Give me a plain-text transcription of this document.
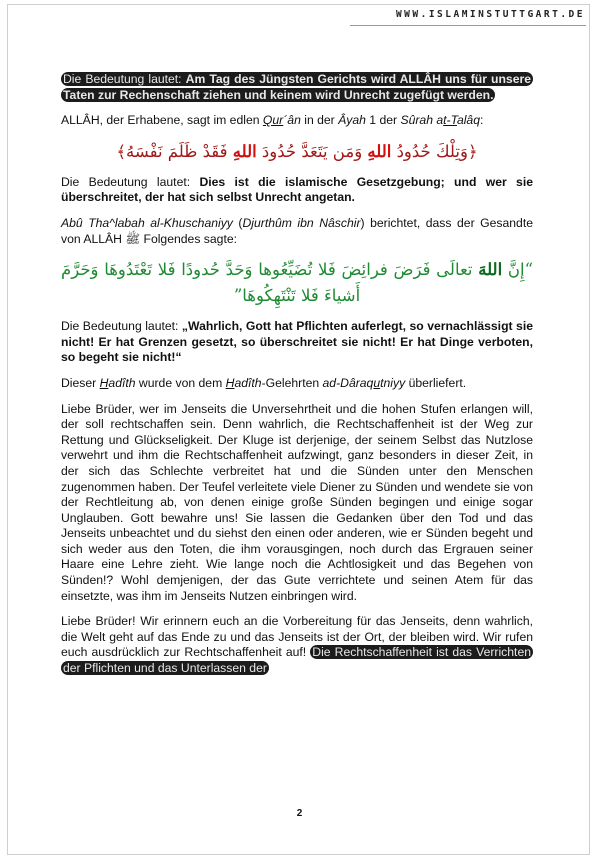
WWW.ISLAMINSTUTTGART.DE

Die Bedeutung lautet: Am Tag des Jüngsten Gerichts wird ALLÂH uns für unsere Taten zur Rechenschaft ziehen und keinem wird Unrecht zugefügt werden.

ALLÂH, der Erhabene, sagt im edlen Qur´ân in der Âyah 1 der Sûrah at-Talâq:

﴿وَتِلْكَ حُدُودُ اللهِ وَمَن يَتَعَدَّ حُدُودَ اللهِ فَقَدْ ظَلَمَ نَفْسَهُ﴾

Die Bedeutung lautet: Dies ist die islamische Gesetzgebung; und wer sie überschreitet, der hat sich selbst Unrecht angetan.

Abû Tha^labah al-Khuschaniyy (Djurthûm ibn Nâschir) berichtet, dass der Gesandte von ALLÂH ﷺ Folgendes sagte:

“إِنَّ اللهَ تعالَى فَرَضَ فرائِضَ فَلا تُضَيِّعُوها وَحَدَّ حُدودًا فَلا تَعْتَدُوهَا وَحَرَّمَ أَشياءَ فَلا تَنْتَهِكُوهَا”

Die Bedeutung lautet: „Wahrlich, Gott hat Pflichten auferlegt, so vernachlässigt sie nicht! Er hat Grenzen gesetzt, so überschreitet sie nicht! Er hat Dinge verboten, so begeht sie nicht!“

Dieser Hadîth wurde von dem Hadîth-Gelehrten ad-Dâraqutniyy überliefert.

Liebe Brüder, wer im Jenseits die Unversehrtheit und die hohen Stufen erlangen will, der soll rechtschaffen sein. Denn wahrlich, die Rechtschaffenheit ist der Weg zur Rettung und Glückseligkeit. Der Kluge ist derjenige, der seinem Selbst das Nutzlose verwehrt und ihm die Rechtschaffenheit aufzwingt, ganz besonders in dieser Zeit, in der sich das Schlechte verbreitet hat und die Sünden unter den Menschen zugenommen haben. Der Teufel verleitete viele Diener zu Sünden und wendete sie von der Rechtleitung ab, von denen einige große Sünden begingen und einige sogar Unglauben. Gott bewahre uns! Sie lassen die Gedanken über den Tod und das Jenseits unbeachtet und du siehst den einen oder anderen, wie er Sünden begeht und sich weder aus den Toten, die ihm vorausgingen, noch durch das Ergrauen seiner Haare eine Lehre zieht. Wie lange noch die Achtlosigkeit und das Begehen von Sünden!? Wohl demjenigen, der das Gute verrichtete und seinen Atem für das einsetzte, was ihm im Jenseits Nutzen einbringen wird.

Liebe Brüder! Wir erinnern euch an die Vorbereitung für das Jenseits, denn wahrlich, die Welt geht auf das Ende zu und das Jenseits ist der Ort, der bleiben wird. Wir rufen euch ausdrücklich zur Rechtschaffenheit auf! Die Rechtschaffenheit ist das Verrichten der Pflichten und das Unterlassen der

2
